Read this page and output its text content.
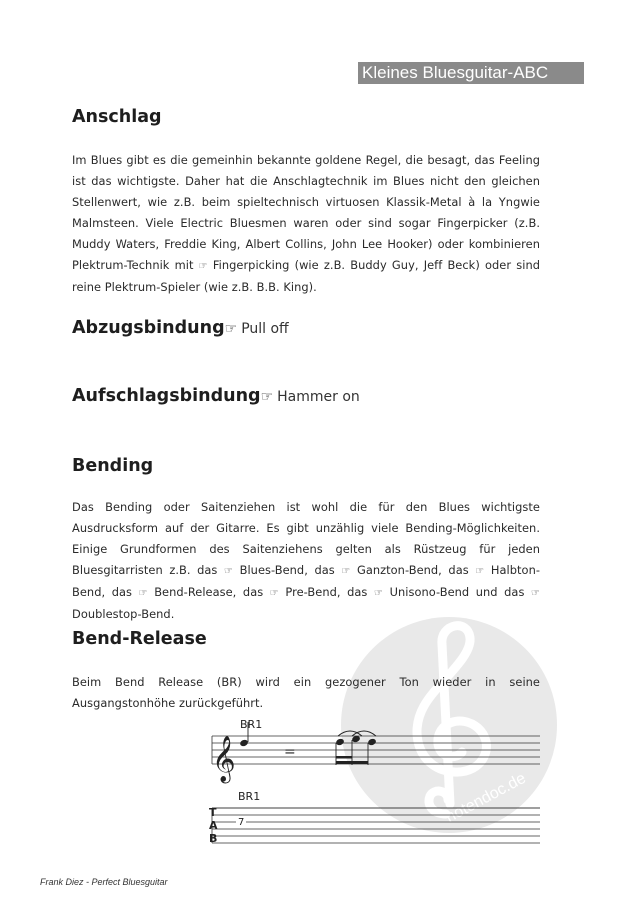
Kleines Bluesguitar-ABC
notendoc.de
Anschlag

Im Blues gibt es die gemeinhin bekannte goldene Regel, die besagt, das Feeling ist das wichtigste. Daher hat die Anschlagtechnik im Blues nicht den gleichen Stellenwert, wie z.B. beim spieltechnisch virtuosen Klassik-Metal à la Yngwie Malmsteen. Viele Electric Bluesmen waren oder sind sogar Fingerpicker (z.B. Muddy Waters, Freddie King, Albert Collins, John Lee Hooker) oder kombinieren Plektrum-Technik mit ☞ Fingerpicking (wie z.B. Buddy Guy, Jeff Beck) oder sind reine Plektrum-Spieler (wie z.B. B.B. King).

Abzugsbindung☞ Pull off
Aufschlagsbindung☞ Hammer on
Bending

Das Bending oder Saitenziehen ist wohl die für den Blues wichtigste Ausdrucksform auf der Gitarre. Es gibt unzählig viele Bending-Möglichkeiten. Einige Grundformen des Saitenziehens gelten als Rüstzeug für jeden Bluesgitarristen z.B. das ☞ Blues-Bend, das ☞ Ganzton-Bend, das ☞ Halbton-Bend, das ☞ Bend-Release, das ☞ Pre-Bend, das ☞ Unisono-Bend und das ☞ Doublestop-Bend.

Bend-Release

Beim Bend Release (BR) wird ein gezogener Ton wieder in seine Ausgangstonhöhe zurückgeführt.

BR1
𝄞	=
BR1
T
A
B
7
Frank Diez - Perfect Bluesguitar
